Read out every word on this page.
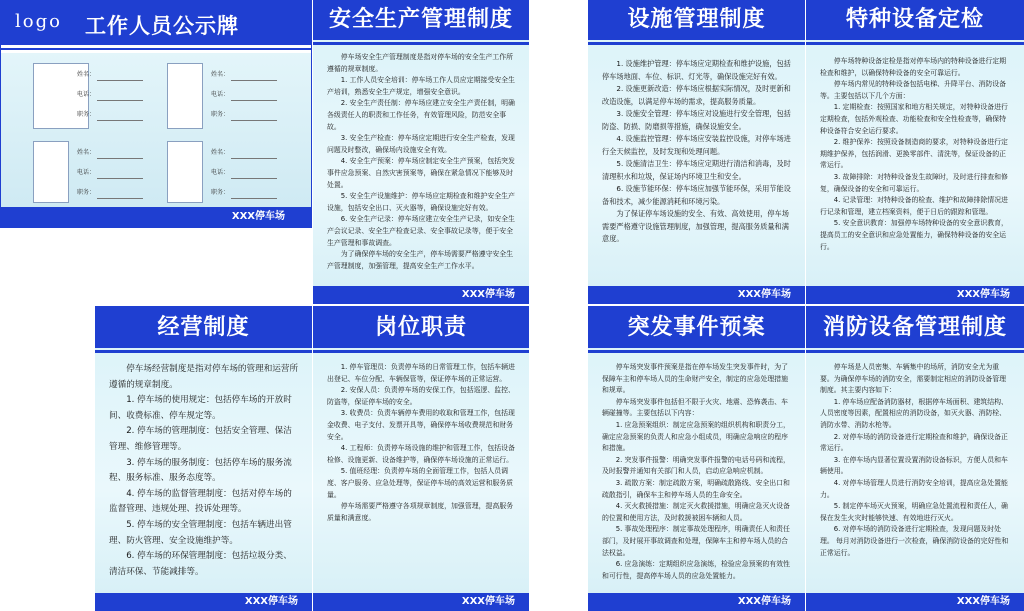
logo 工作人员公示牌
姓名：
电话：
职务：
姓名：
电话：
职务：
姓名：
电话：
职务：
姓名：
电话：
职务：
XXX停车场
安全生产管理制度

停车场安全生产管理制度是指对停车场的安全生产工作所遵循的规章制度。

1. 工作人员安全培训：停车场工作人员应定期接受安全生产培训，熟悉安全生产规定，增强安全意识。

2. 安全生产责任制：停车场应建立安全生产责任制，明确各级责任人的职责和工作任务，有效管理风险，防范安全事故。

3. 安全生产检查：停车场应定期进行安全生产检查，发现问题及时整改，确保场内设施安全有效。

4. 安全生产预案：停车场应制定安全生产预案，包括突发事件应急预案、自然灾害预案等，确保在紧急情况下能够及时处置。

5. 安全生产设施维护：停车场应定期检查和维护安全生产设施，包括安全出口、灭火器等，确保设施完好有效。

6. 安全生产记录：停车场应建立安全生产记录，如安全生产会议记录、安全生产检查记录、安全事故记录等，便于安全生产管理和事故调查。

为了确保停车场的安全生产，停车场需要严格遵守安全生产管理制度，加强管理，提高安全生产工作水平。

XXX停车场
设施管理制度

1. 设施维护管理：停车场应定期检查和维护设施，包括停车场地面、车位、标识、灯光等，确保设施完好有效。

2. 设施更新改造：停车场应根据实际情况，及时更新和改造设施，以满足停车场的需求，提高服务质量。

3. 设施安全管理：停车场应对设施进行安全管理，包括防盗、防损、防磨损等措施，确保设施安全。

4. 设施监控管理：停车场应安装监控设施，对停车场进行全天候监控，及时发现和处理问题。

5. 设施清洁卫生：停车场应定期进行清洁和消毒，及时清理积水和垃圾，保证场内环境卫生和安全。

6. 设施节能环保：停车场应加强节能环保，采用节能设备和技术，减少能源消耗和环境污染。

为了保证停车场设施的安全、有效、高效使用，停车场需要严格遵守设施管理制度，加强管理，提高服务质量和满意度。

XXX停车场
特种设备定检

停车场特种设备定检是指对停车场内的特种设备进行定期检查和维护，以确保特种设备的安全可靠运行。

停车场内常见的特种设备包括电梯、升降平台、消防设备等。主要包括以下几个方面：

1. 定期检查：按照国家和地方相关规定，对特种设备进行定期检查，包括外观检查、功能检查和安全性检查等，确保特种设备符合安全运行要求。

2. 维护保养：按照设备制造商的要求，对特种设备进行定期维护保养，包括润滑、更换零部件、清洗等，保证设备的正常运行。

3. 故障排除：对特种设备发生故障时，及时进行排查和修复，确保设备的安全和可靠运行。

4. 记录管理：对特种设备的检查、维护和故障排除情况进行记录和管理，建立档案资料，便于日后的跟踪和管理。

5. 安全意识教育：加强停车场特种设备的安全意识教育，提高员工的安全意识和应急处置能力，确保特种设备的安全运行。

XXX停车场
经营制度

停车场经营制度是指对停车场的管理和运营所遵循的规章制度。

1. 停车场的使用规定：包括停车场的开放时间、收费标准、停车规定等。

2. 停车场的管理制度：包括安全管理、保洁管理、维修管理等。

3. 停车场的服务制度：包括停车场的服务流程、服务标准、服务态度等。

4. 停车场的监督管理制度：包括对停车场的监督管理、违规处理、投诉处理等。

5. 停车场的安全管理制度：包括车辆进出管理、防火管理、安全设施维护等。

6. 停车场的环保管理制度：包括垃圾分类、清洁环保、节能减排等。

XXX停车场
岗位职责

1. 停车管理员：负责停车场的日常管理工作，包括车辆进出登记、车位分配、车辆保管等，保证停车场的正常运营。

2. 安保人员：负责停车场的安保工作，包括巡逻、监控、防盗等，保证停车场的安全。

3. 收费员：负责车辆停车费用的收取和管理工作，包括现金收费、电子支付、发票开具等，确保停车场收费规范和财务安全。

4. 工程师：负责停车场设施的维护和管理工作，包括设备检修、设施更新、设备维护等，确保停车场设施的正常运行。

5. 值班经理：负责停车场的全面管理工作，包括人员调度、客户服务、应急处理等，保证停车场的高效运营和服务质量。

停车场需要严格遵守各项规章制度，加强管理，提高服务质量和满意度。

XXX停车场
突发事件预案

停车场突发事件预案是指在停车场发生突发事件时，为了保障车主和停车场人员的生命财产安全，制定的应急处理措施和规章。

停车场突发事件包括但不限于火灾、地震、恐怖袭击、车辆碰撞等。主要包括以下内容：

1. 应急预案组织：制定应急预案的组织机构和职责分工，确定应急预案的负责人和应急小组成员，明确应急响应的程序和措施。

2. 突发事件报警：明确突发事件报警的电话号码和流程，及时报警并通知有关部门和人员，启动应急响应机制。

3. 疏散方案：制定疏散方案，明确疏散路线、安全出口和疏散指引，确保车主和停车场人员的生命安全。

4. 灭火救援措施：制定灭火救援措施，明确应急灭火设备的位置和使用方法，及时救援被困车辆和人员。

5. 事故处理程序：制定事故处理程序，明确责任人和责任部门，及时展开事故调查和处理，保障车主和停车场人员的合法权益。

6. 应急演练：定期组织应急演练，检验应急预案的有效性和可行性，提高停车场人员的应急处置能力。

XXX停车场
消防设备管理制度

停车场是人员密集、车辆集中的场所，消防安全尤为重要。为确保停车场的消防安全，需要制定相应的消防设备管理制度。其主要内容如下：

1. 停车场应配备消防器材，根据停车场面积、建筑结构、人员密度等因素，配置相应的消防设备，如灭火器、消防栓、消防水带、消防水枪等。

2. 对停车场的消防设备进行定期检查和维护，确保设备正常运行。

3. 在停车场内显著位置设置消防设备标识，方便人员和车辆使用。

4. 对停车场管理人员进行消防安全培训，提高应急处置能力。

5. 制定停车场灭火预案，明确应急处置流程和责任人，确保在发生火灾时能够快速、有效地进行灭火。

6. 对停车场的消防设备进行定期检查，发现问题及时处理。 每月对消防设备进行一次检查，确保消防设备的完好性和正常运行。

XXX停车场
